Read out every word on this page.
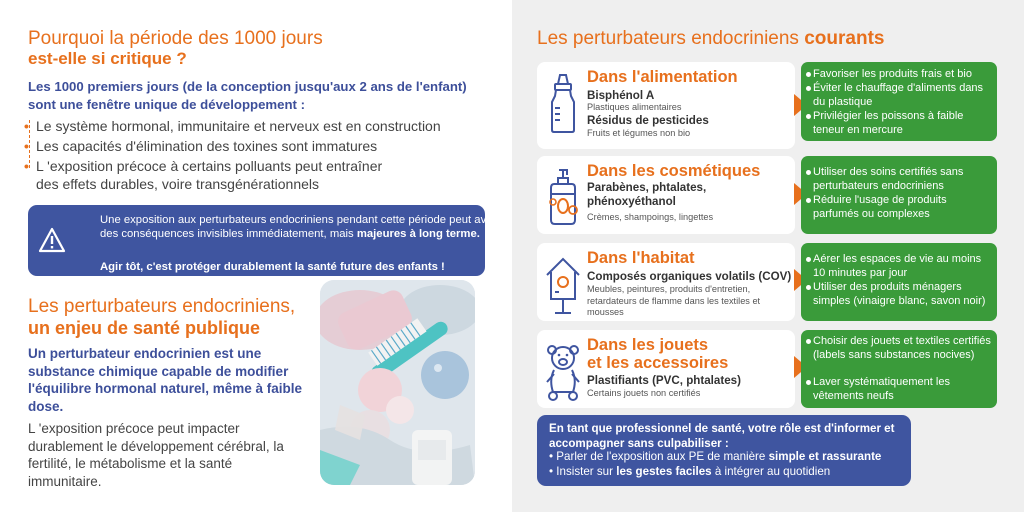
Pourquoi la période des 1000 jours
est-elle si critique ?
Les 1000 premiers jours (de la conception jusqu'aux 2 ans de l'enfant) sont une fenêtre unique de développement :
• Le système hormonal, immunitaire et nerveux est en construction
• Les capacités d'élimination des toxines sont immatures
• L 'exposition précoce à certains polluants peut entraîner
des effets durables, voire transgénérationnels
Une exposition aux perturbateurs endocriniens pendant cette période peut avoir des conséquences invisibles immédiatement, mais majeures à long terme.
Agir tôt, c'est protéger durablement la santé future des enfants !
Les perturbateurs endocriniens,
un enjeu de santé publique
Un perturbateur endocrinien est une substance chimique capable de modifier l'équilibre hormonal naturel, même à faible dose.
L 'exposition précoce peut impacter durablement le développement cérébral, la fertilité, le métabolisme et la santé immunitaire.
Les perturbateurs endocriniens courants
Dans l'alimentation
Bisphénol A
Plastiques alimentaires
Résidus de pesticides
Fruits et légumes non bio
Favoriser les produits frais et bio
Éviter le chauffage d'aliments dans du plastique
Privilégier les poissons à faible teneur en mercure
Dans les cosmétiques
Parabènes, phtalates,
phénoxyéthanol
Crèmes, shampoings, lingettes
Utiliser des soins certifiés sans perturbateurs endocriniens
Réduire l'usage de produits parfumés ou complexes
Dans l'habitat
Composés organiques volatils (COV)
Meubles, peintures, produits d'entretien, retardateurs de flamme dans les textiles et mousses
Aérer les espaces de vie au moins 10 minutes par jour
Utiliser des produits ménagers simples (vinaigre blanc, savon noir)
Dans les jouets
et les accessoires
Plastifiants (PVC, phtalates)
Certains jouets non certifiés
Choisir des jouets et textiles certifiés (labels sans substances nocives)
Laver systématiquement les vêtements neufs
En tant que professionnel de santé, votre rôle est d'informer et accompagner sans culpabiliser :
• Parler de l'exposition aux PE de manière simple et rassurante
• Insister sur les gestes faciles à intégrer au quotidien
